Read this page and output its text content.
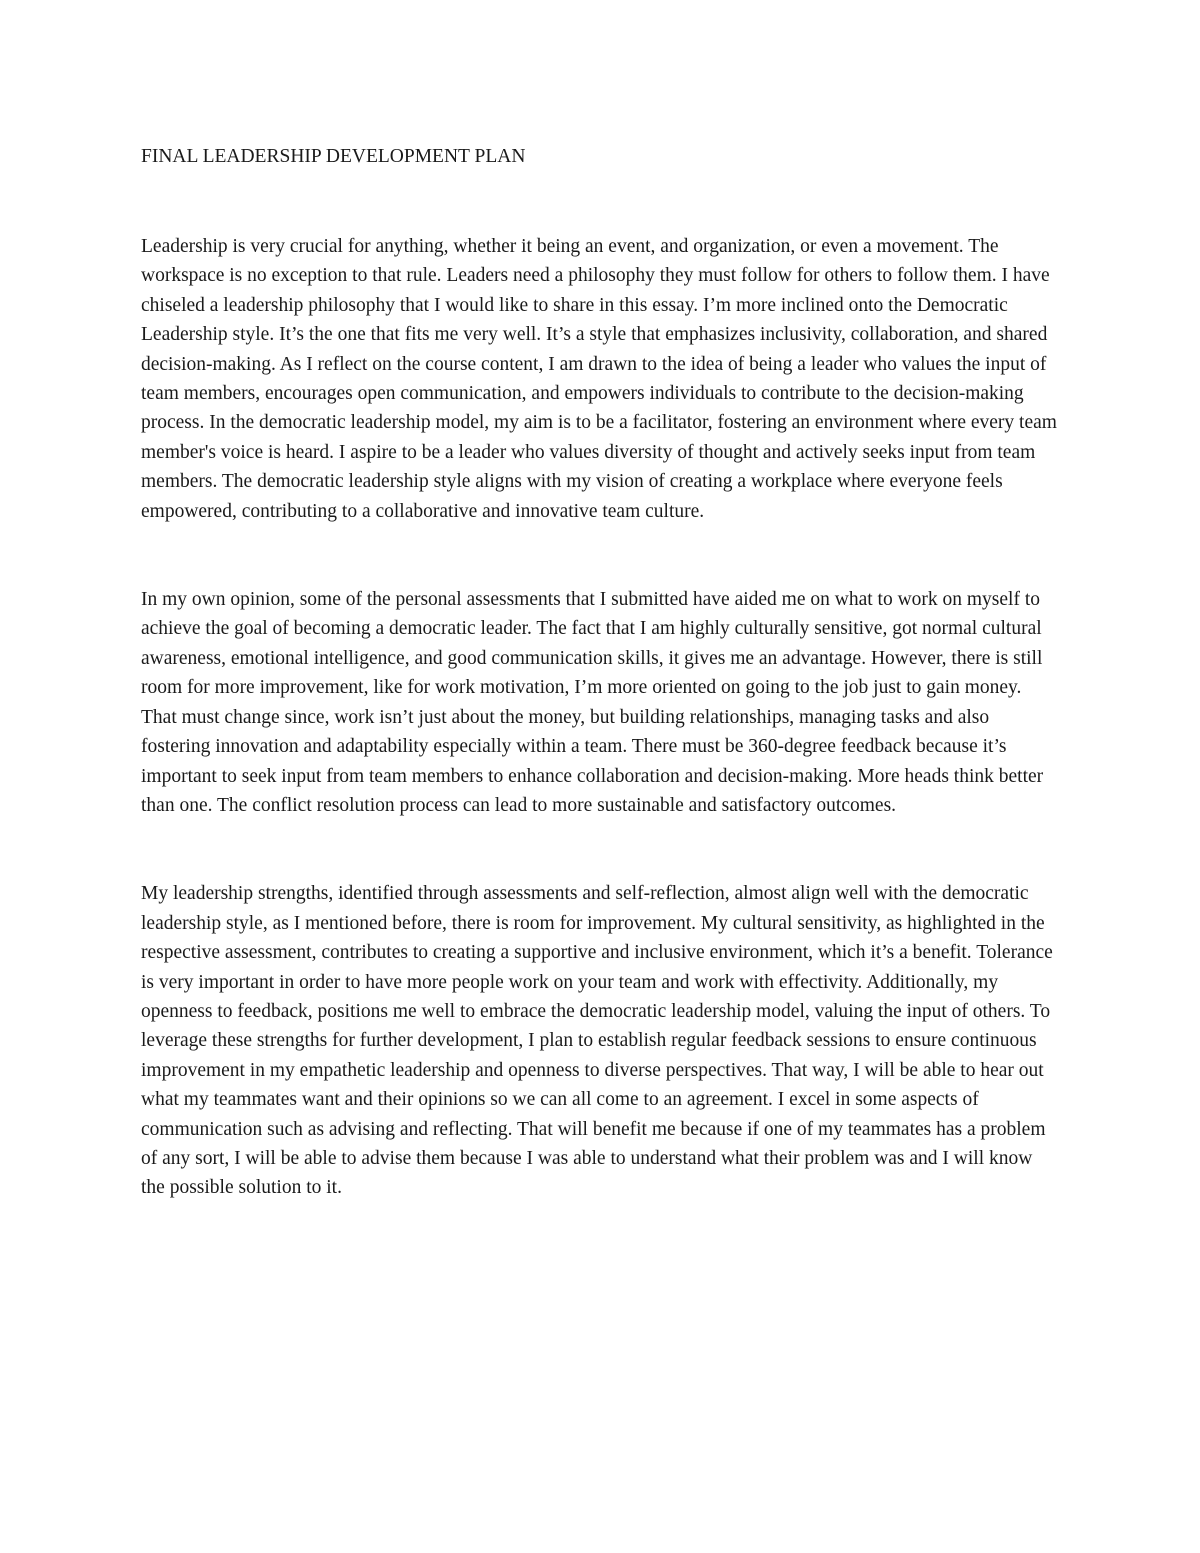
FINAL LEADERSHIP DEVELOPMENT PLAN

Leadership is very crucial for anything, whether it being an event, and organization, or even a movement. The workspace is no exception to that rule. Leaders need a philosophy they must follow for others to follow them. I have chiseled a leadership philosophy that I would like to share in this essay. I’m more inclined onto the Democratic Leadership style. It’s the one that fits me very well. It’s a style that emphasizes inclusivity, collaboration, and shared decision-making. As I reflect on the course content, I am drawn to the idea of being a leader who values the input of team members, encourages open communication, and empowers individuals to contribute to the decision-making process. In the democratic leadership model, my aim is to be a facilitator, fostering an environment where every team member's voice is heard. I aspire to be a leader who values diversity of thought and actively seeks input from team members. The democratic leadership style aligns with my vision of creating a workplace where everyone feels empowered, contributing to a collaborative and innovative team culture.

In my own opinion, some of the personal assessments that I submitted have aided me on what to work on myself to achieve the goal of becoming a democratic leader. The fact that I am highly culturally sensitive, got normal cultural awareness, emotional intelligence, and good communication skills, it gives me an advantage. However, there is still room for more improvement, like for work motivation, I’m more oriented on going to the job just to gain money. That must change since, work isn’t just about the money, but building relationships, managing tasks and also fostering innovation and adaptability especially within a team. There must be 360-degree feedback because it’s important to seek input from team members to enhance collaboration and decision-making. More heads think better than one. The conflict resolution process can lead to more sustainable and satisfactory outcomes.

My leadership strengths, identified through assessments and self-reflection, almost align well with the democratic leadership style, as I mentioned before, there is room for improvement. My cultural sensitivity, as highlighted in the respective assessment, contributes to creating a supportive and inclusive environment, which it’s a benefit. Tolerance is very important in order to have more people work on your team and work with effectivity. Additionally, my openness to feedback, positions me well to embrace the democratic leadership model, valuing the input of others. To leverage these strengths for further development, I plan to establish regular feedback sessions to ensure continuous improvement in my empathetic leadership and openness to diverse perspectives. That way, I will be able to hear out what my teammates want and their opinions so we can all come to an agreement. I excel in some aspects of communication such as advising and reflecting. That will benefit me because if one of my teammates has a problem of any sort, I will be able to advise them because I was able to understand what their problem was and I will know the possible solution to it.
